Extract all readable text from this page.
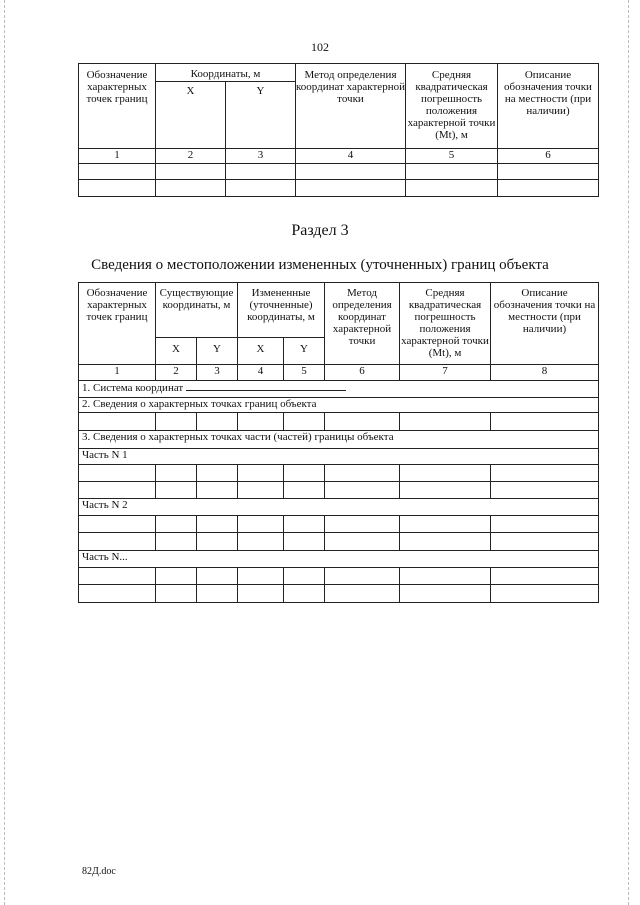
102
Обозначение характерных точек границ	Координаты, м		Метод определения координат характерной точки	Средняя квадратическая погрешность положения характерной точки (Mt), м	Описание обозначения точки на местности (при наличии)
	X	Y			
1	2	3	4	5	6

Раздел 3
Сведения о местоположении измененных (уточненных) границ объекта
Обозначение характерных точек границ	Существующие координаты, м		Измененные (уточненные) координаты, м		Метод определения координат характерной точки	Средняя квадратическая погрешность положения характерной точки (Mt), м	Описание обозначения точки на местности (при наличии)
	X	Y	X	Y			
1	2	3	4	5	6	7	8
1. Система координат							
2. Сведения о характерных точках границ объекта							

3. Сведения о характерных точках части (частей) границы объекта							
Часть N 1							

Часть N 2							

Часть N...							

82Д.doc
